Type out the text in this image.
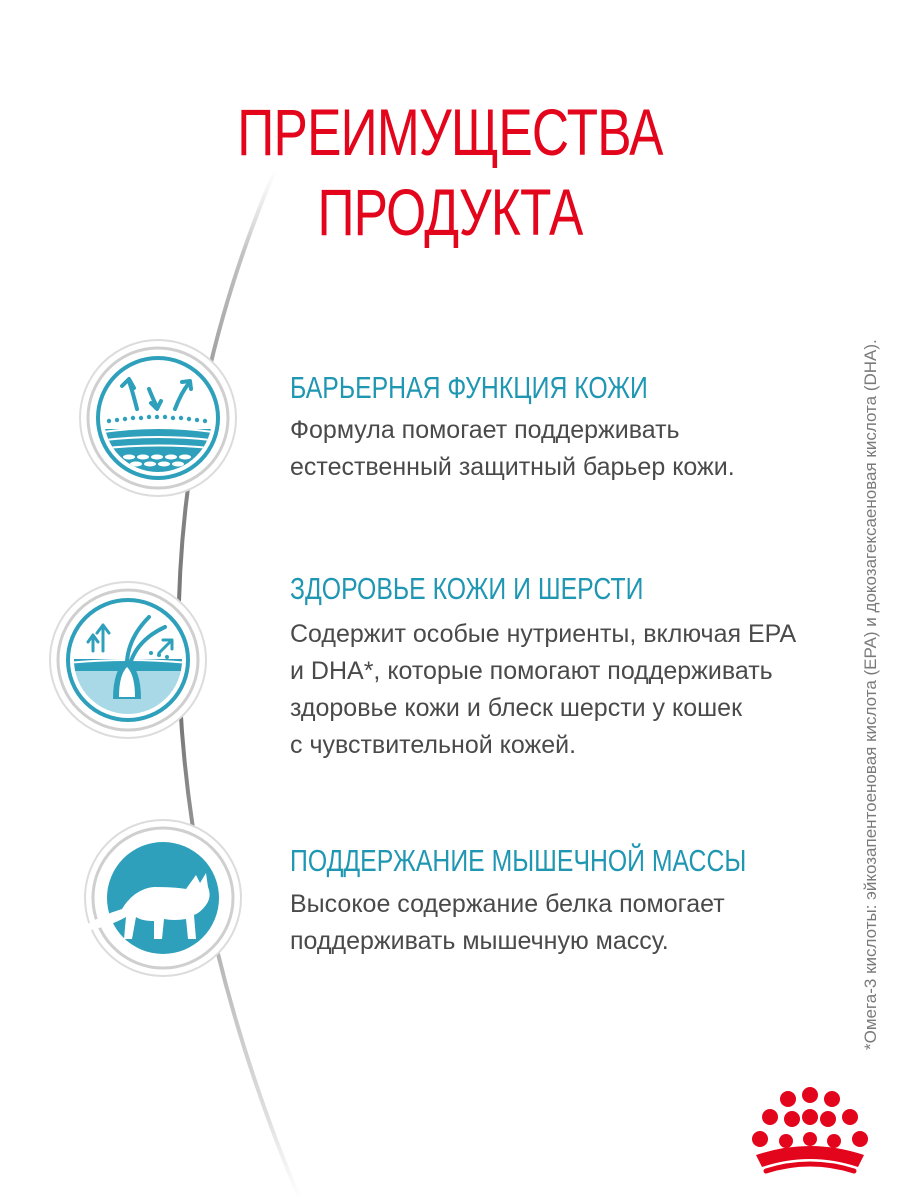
ПРЕИМУЩЕСТВА ПРОДУКТА
БАРЬЕРНАЯ ФУНКЦИЯ КОЖИ
Формула помогает поддерживать
естественный защитный барьер кожи.
ЗДОРОВЬЕ КОЖИ И ШЕРСТИ
Содержит особые нутриенты, включая EPA
и DHA*, которые помогают поддерживать
здоровье кожи и блеск шерсти у кошек
с чувствительной кожей.
ПОДДЕРЖАНИЕ МЫШЕЧНОЙ МАССЫ
Высокое содержание белка помогает
поддерживать мышечную массу.	*Омега-3 кислоты: эйкозапентоеновая кислота (EPA) и докозагексаеновая кислота (DHA).
